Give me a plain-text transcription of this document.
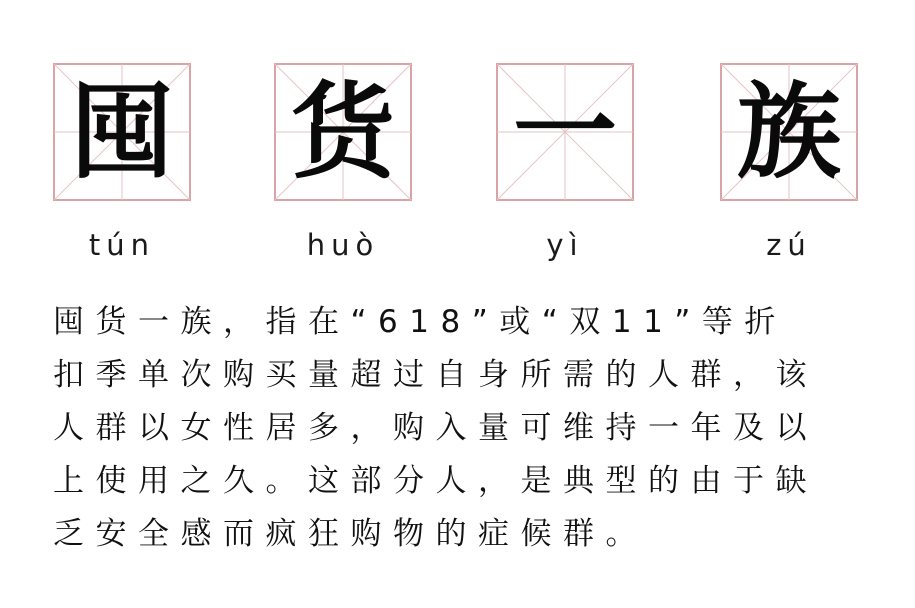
囤 货 一 族
tún	huò	yì	zú
囤货一族，指在“618”或“双11”等折
扣季单次购买量超过自身所需的人群，该
人群以女性居多，购入量可维持一年及以
上使用之久。这部分人，是典型的由于缺
乏安全感而疯狂购物的症候群。
